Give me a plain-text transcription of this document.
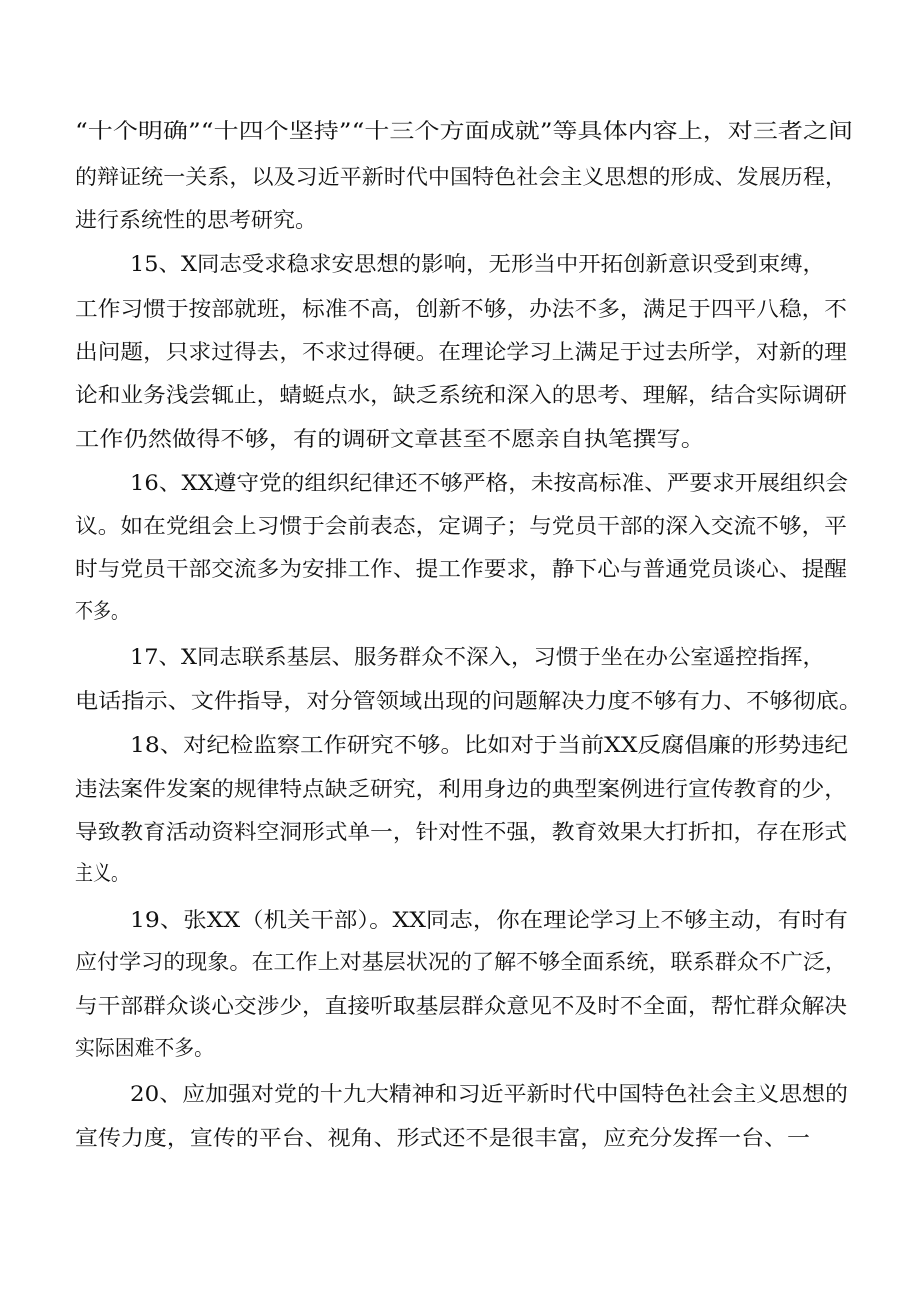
“十个明确”“十四个坚持”“十三个方面成就”等具体内容上，对三者之间
的辩证统一关系，以及习近平新时代中国特色社会主义思想的形成、发展历程，
进行系统性的思考研究。
15、X同志受求稳求安思想的影响，无形当中开拓创新意识受到束缚，
工作习惯于按部就班，标准不高，创新不够，办法不多，满足于四平八稳，不
出问题，只求过得去，不求过得硬。在理论学习上满足于过去所学，对新的理
论和业务浅尝辄止，蜻蜓点水，缺乏系统和深入的思考、理解，结合实际调研
工作仍然做得不够，有的调研文章甚至不愿亲自执笔撰写。
16、XX遵守党的组织纪律还不够严格，未按高标准、严要求开展组织会
议。如在党组会上习惯于会前表态，定调子；与党员干部的深入交流不够，平
时与党员干部交流多为安排工作、提工作要求，静下心与普通党员谈心、提醒
不多。
17、X同志联系基层、服务群众不深入，习惯于坐在办公室遥控指挥，
电话指示、文件指导，对分管领域出现的问题解决力度不够有力、不够彻底。
18、对纪检监察工作研究不够。比如对于当前XX反腐倡廉的形势违纪
违法案件发案的规律特点缺乏研究，利用身边的典型案例进行宣传教育的少，
导致教育活动资料空洞形式单一，针对性不强，教育效果大打折扣，存在形式
主义。
19、张XX（机关干部）。XX同志，你在理论学习上不够主动，有时有
应付学习的现象。在工作上对基层状况的了解不够全面系统，联系群众不广泛，
与干部群众谈心交涉少，直接听取基层群众意见不及时不全面，帮忙群众解决
实际困难不多。
20、应加强对党的十九大精神和习近平新时代中国特色社会主义思想的
宣传力度，宣传的平台、视角、形式还不是很丰富，应充分发挥一台、一
